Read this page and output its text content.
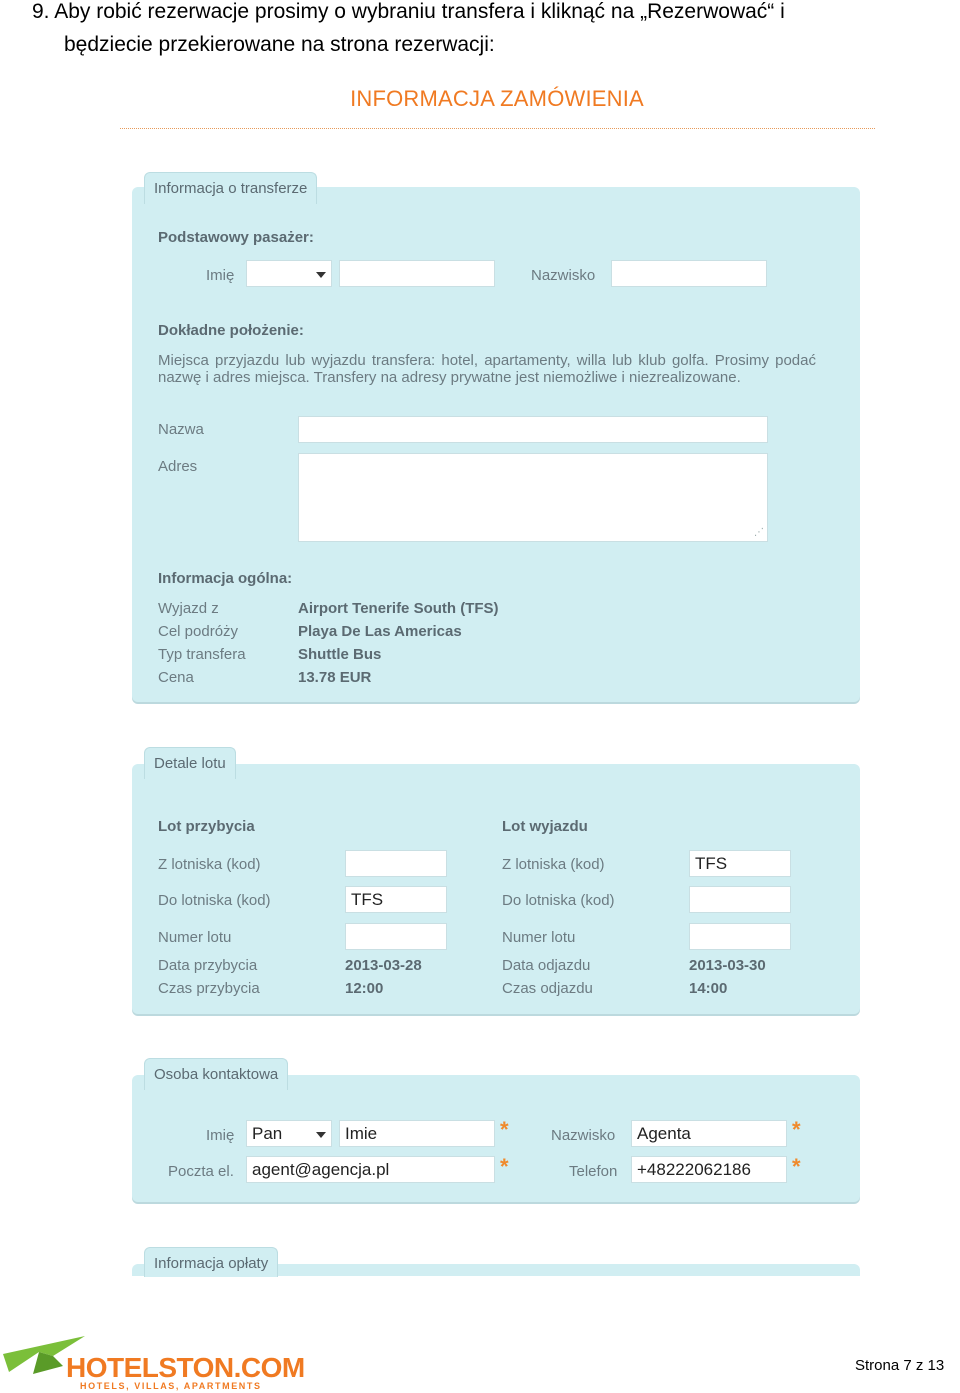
9. Aby robić rezerwacje prosimy o wybraniu transfera i kliknąć na „Rezerwować“ i
będziecie przekierowane na strona rezerwacji:
INFORMACJA ZAMÓWIENIA
Informacja o transferze
Podstawowy pasażer:
Imię	Nazwisko
Dokładne położenie:
Miejsca przyjazdu lub wyjazdu transfera: hotel, apartamenty, willa lub klub golfa. Prosimy podać nazwę i adres miejsca. Transfery na adresy prywatne jest niemożliwe i niezrealizowane.
Nazwa
Adres
⋰
Informacja ogólna:
Wyjazd z	Airport Tenerife South (TFS)
Cel podróży	Playa De Las Americas
Typ transfera	Shuttle Bus
Cena	13.78 EUR
Detale lotu
Lot przybycia
Z lotniska (kod)
Do lotniska (kod)	TFS
Numer lotu
Data przybycia	2013-03-28
Czas przybycia	12:00
Lot wyjazdu
Z lotniska (kod)	TFS
Do lotniska (kod)
Numer lotu
Data odjazdu	2013-03-30
Czas odjazdu	14:00
Osoba kontaktowa
Imię	Pan	Imie	*	Nazwisko	Agenta	*
Poczta el.	agent@agencja.pl	*	Telefon	+48222062186	*
Informacja opłaty
HOTELSTON.COM
HOTELS, VILLAS, APARTMENTS
Strona 7 z 13
